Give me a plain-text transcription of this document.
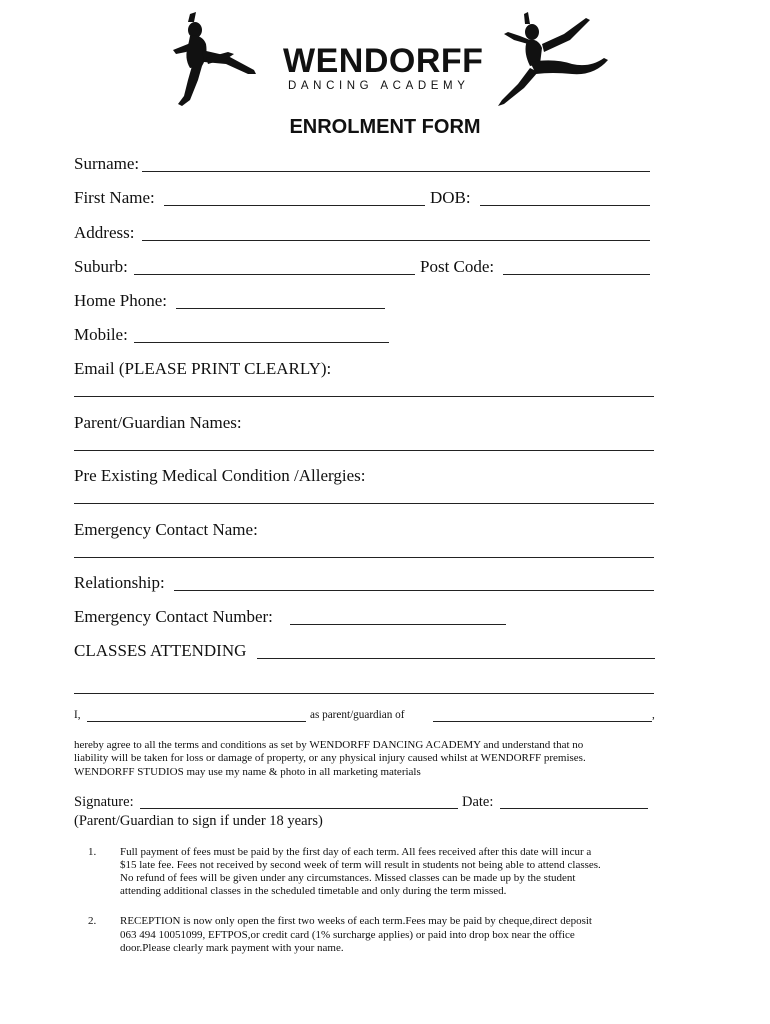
WENDORFF
DANCING ACADEMY
ENROLMENT FORM
Surname:
First Name:	DOB:
Address:
Suburb:	Post Code:
Home Phone:
Mobile:
Email (PLEASE PRINT CLEARLY):
Parent/Guardian Names:
Pre Existing Medical Condition /Allergies:
Emergency Contact Name:
Relationship:
Emergency Contact Number:
CLASSES ATTENDING
I,	as parent/guardian of	,
hereby agree to all the terms and conditions as set by WENDORFF DANCING ACADEMY and understand that no
liability will be taken for loss or damage of property, or any physical injury caused whilst at WENDORFF premises.
WENDORFF STUDIOS may use my name & photo in all marketing materials
Signature:	Date:
(Parent/Guardian to sign if under 18 years)
1. Full payment of fees must be paid by the first day of each term. All fees received after this date will incur a
$15 late fee. Fees not received by second week of term will result in students not being able to attend classes.
No refund of fees will be given under any circumstances. Missed classes can be made up by the student
attending additional classes in the scheduled timetable and only during the term missed.
2. RECEPTION is now only open the first two weeks of each term.Fees may be paid by cheque,direct deposit
063 494 10051099, EFTPOS,or credit card (1% surcharge applies) or paid into drop box near the office
door.Please clearly mark payment with your name.
